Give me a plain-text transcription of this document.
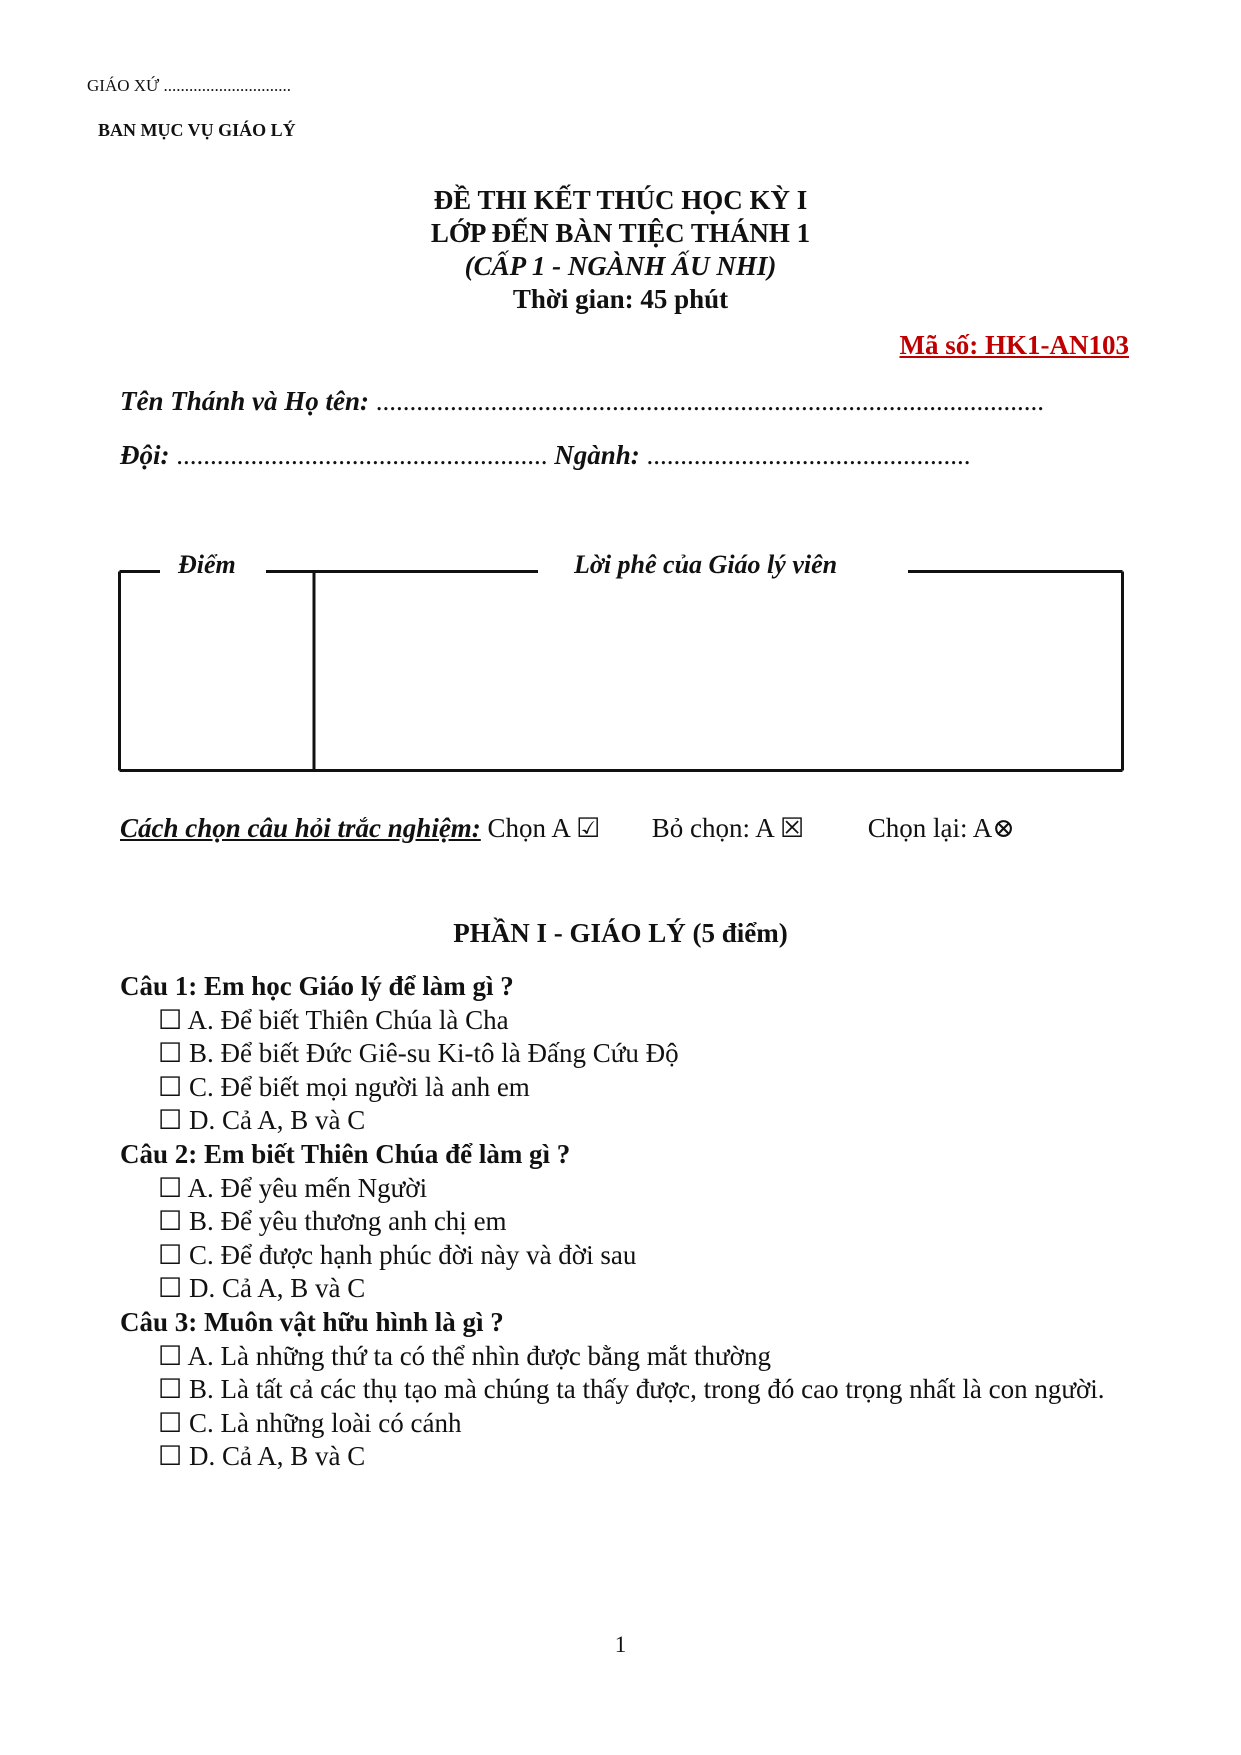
GIÁO XỨ ..............................
BAN MỤC VỤ GIÁO LÝ
ĐỀ THI KẾT THÚC HỌC KỲ I
LỚP ĐẾN BÀN TIỆC THÁNH 1
(CẤP 1 - NGÀNH ẤU NHI)
Thời gian: 45 phút
Mã số: HK1-AN103
Tên Thánh và Họ tên: ...................................................................................................
Đội: ....................................................... Ngành: ................................................
Điểm	Lời phê của Giáo lý viên
Cách chọn câu hỏi trắc nghiệm: Chọn A ☑ Bỏ chọn: A ☒ Chọn lại: A⊗
PHẦN I - GIÁO LÝ (5 điểm)
Câu 1: Em học Giáo lý để làm gì ?
☐ A. Để biết Thiên Chúa là Cha
☐ B. Để biết Đức Giê-su Ki-tô là Đấng Cứu Độ
☐ C. Để biết mọi người là anh em
☐ D. Cả A, B và C
Câu 2: Em biết Thiên Chúa để làm gì ?
☐ A. Để yêu mến Người
☐ B. Để yêu thương anh chị em
☐ C. Để được hạnh phúc đời này và đời sau
☐ D. Cả A, B và C
Câu 3: Muôn vật hữu hình là gì ?
☐ A. Là những thứ ta có thể nhìn được bằng mắt thường
☐ B. Là tất cả các thụ tạo mà chúng ta thấy được, trong đó cao trọng nhất là con người.
☐ C. Là những loài có cánh
☐ D. Cả A, B và C
1
